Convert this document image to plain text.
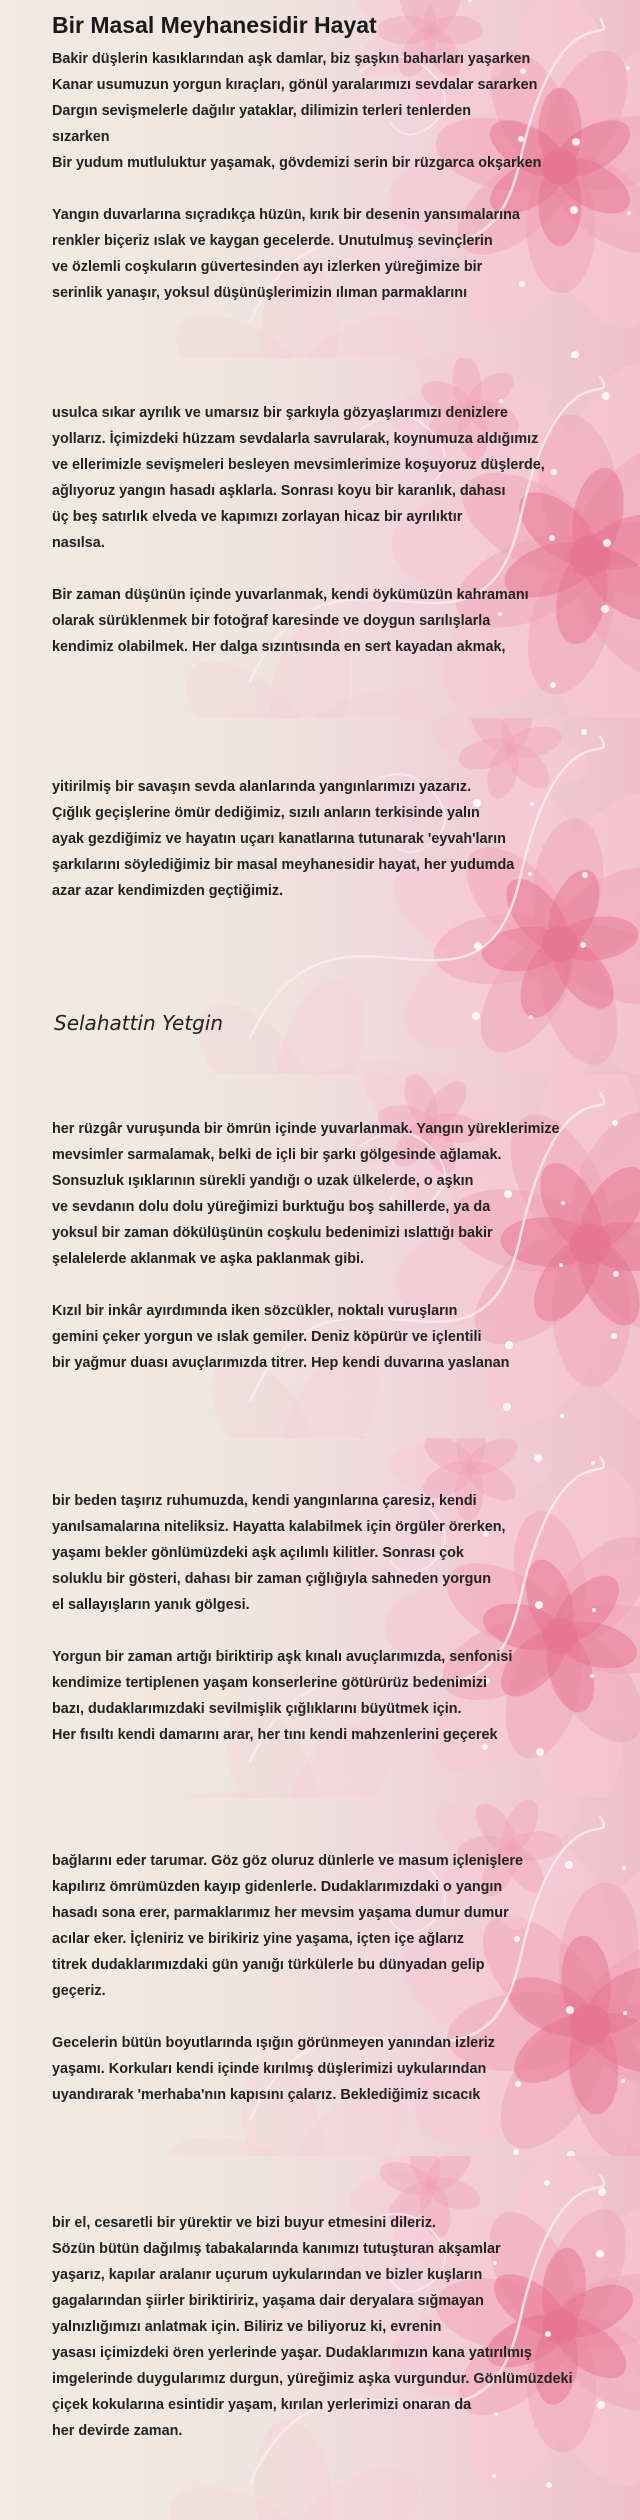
Bir Masal Meyhanesidir Hayat
Bakir düşlerin kasıklarından aşk damlar, biz şaşkın baharları yaşarken
Kanar usumuzun yorgun kıraçları, gönül yaralarımızı sevdalar sararken
Dargın sevişmelerle dağılır yataklar, dilimizin terleri tenlerden
sızarken
Bir yudum mutluluktur yaşamak, gövdemizi serin bir rüzgarca okşarken
Yangın duvarlarına sıçradıkça hüzün, kırık bir desenin yansımalarına
renkler biçeriz ıslak ve kaygan gecelerde. Unutulmuş sevinçlerin
ve özlemli coşkuların güvertesinden ayı izlerken yüreğimize bir
serinlik yanaşır, yoksul düşünüşlerimizin ılıman parmaklarını
usulca sıkar ayrılık ve umarsız bir şarkıyla gözyaşlarımızı denizlere
yollarız. İçimizdeki hüzzam sevdalarla savrularak, koynumuza aldığımız
ve ellerimizle sevişmeleri besleyen mevsimlerimize koşuyoruz düşlerde,
ağlıyoruz yangın hasadı aşklarla. Sonrası koyu bir karanlık, dahası
üç beş satırlık elveda ve kapımızı zorlayan hicaz bir ayrılıktır
nasılsa.
Bir zaman düşünün içinde yuvarlanmak, kendi öykümüzün kahramanı
olarak sürüklenmek bir fotoğraf karesinde ve doygun sarılışlarla
kendimiz olabilmek. Her dalga sızıntısında en sert kayadan akmak,
yitirilmiş bir savaşın sevda alanlarında yangınlarımızı yazarız.
Çığlık geçişlerine ömür dediğimiz, sızılı anların terkisinde yalın
ayak gezdiğimiz ve hayatın uçarı kanatlarına tutunarak 'eyvah'ların
şarkılarını söylediğimiz bir masal meyhanesidir hayat, her yudumda
azar azar kendimizden geçtiğimiz.
Selahattin Yetgin
her rüzgâr vuruşunda bir ömrün içinde yuvarlanmak. Yangın yüreklerimize
mevsimler sarmalamak, belki de içli bir şarkı gölgesinde ağlamak.
Sonsuzluk ışıklarının sürekli yandığı o uzak ülkelerde, o aşkın
ve sevdanın dolu dolu yüreğimizi burktuğu boş sahillerde, ya da
yoksul bir zaman dökülüşünün coşkulu bedenimizi ıslattığı bakir
şelalelerde aklanmak ve aşka paklanmak gibi.
Kızıl bir inkâr ayırdımında iken sözcükler, noktalı vuruşların
gemini çeker yorgun ve ıslak gemiler. Deniz köpürür ve içlentili
bir yağmur duası avuçlarımızda titrer. Hep kendi duvarına yaslanan
bir beden taşırız ruhumuzda, kendi yangınlarına çaresiz, kendi
yanılsamalarına niteliksiz. Hayatta kalabilmek için örgüler örerken,
yaşamı bekler gönlümüzdeki aşk açılımlı kilitler. Sonrası çok
soluklu bir gösteri, dahası bir zaman çığlığıyla sahneden yorgun
el sallayışların yanık gölgesi.
Yorgun bir zaman artığı biriktirip aşk kınalı avuçlarımızda, senfonisi
kendimize tertiplenen yaşam konserlerine götürürüz bedenimizi
bazı, dudaklarımızdaki sevilmişlik çığlıklarını büyütmek için.
Her fısıltı kendi damarını arar, her tını kendi mahzenlerini geçerek
bağlarını eder tarumar. Göz göz oluruz dünlerle ve masum içlenişlere
kapılırız ömrümüzden kayıp gidenlerle. Dudaklarımızdaki o yangın
hasadı sona erer, parmaklarımız her mevsim yaşama dumur dumur
acılar eker. İçleniriz ve birikiriz yine yaşama, içten içe ağlarız
titrek dudaklarımızdaki gün yanığı türkülerle bu dünyadan gelip
geçeriz.
Gecelerin bütün boyutlarında ışığın görünmeyen yanından izleriz
yaşamı. Korkuları kendi içinde kırılmış düşlerimizi uykularından
uyandırarak 'merhaba'nın kapısını çalarız. Beklediğimiz sıcacık
bir el, cesaretli bir yürektir ve bizi buyur etmesini dileriz.
Sözün bütün dağılmış tabakalarında kanımızı tutuşturan akşamlar
yaşarız, kapılar aralanır uçurum uykularından ve bizler kuşların
gagalarından şiirler biriktiririz, yaşama dair deryalara sığmayan
yalnızlığımızı anlatmak için. Biliriz ve biliyoruz ki, evrenin
yasası içimizdeki ören yerlerinde yaşar. Dudaklarımızın kana yatırılmış
imgelerinde duygularımız durgun, yüreğimiz aşka vurgundur. Gönlümüzdeki
çiçek kokularına esintidir yaşam, kırılan yerlerimizi onaran da
her devirde zaman.
